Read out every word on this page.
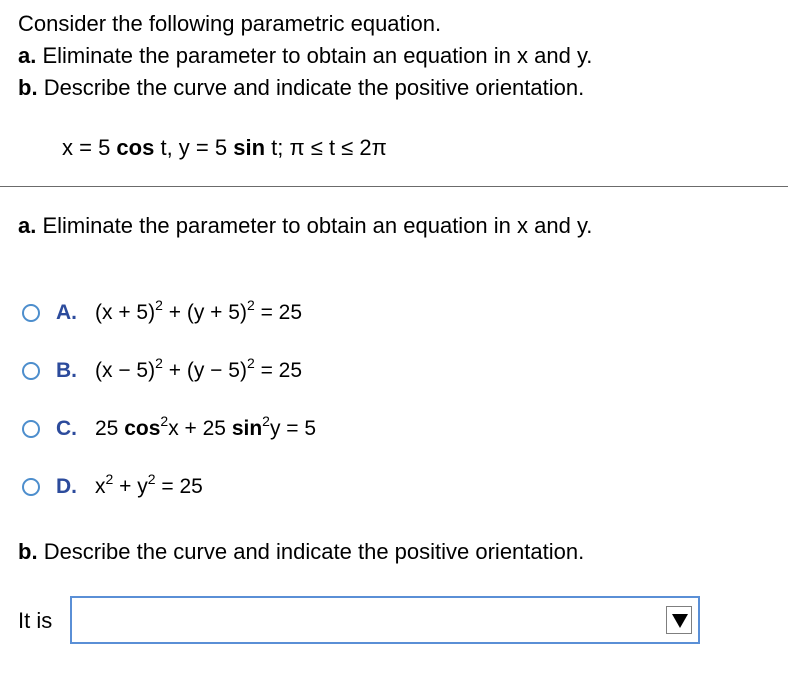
Consider the following parametric equation.
a. Eliminate the parameter to obtain an equation in x and y.
b. Describe the curve and indicate the positive orientation.
x = 5 cos t, y = 5 sin t; π ≤ t ≤ 2π
a. Eliminate the parameter to obtain an equation in x and y.
A. $(x + 5)^2 + (y + 5)^2 = 25$
B. $(x - 5)^2 + (y - 5)^2 = 25$
C. 25 $\cos^2x + 25$ $\sin^2y = 5$
D. $x^2 + y^2 = 25$
b. Describe the curve and indicate the positive orientation.
It is
